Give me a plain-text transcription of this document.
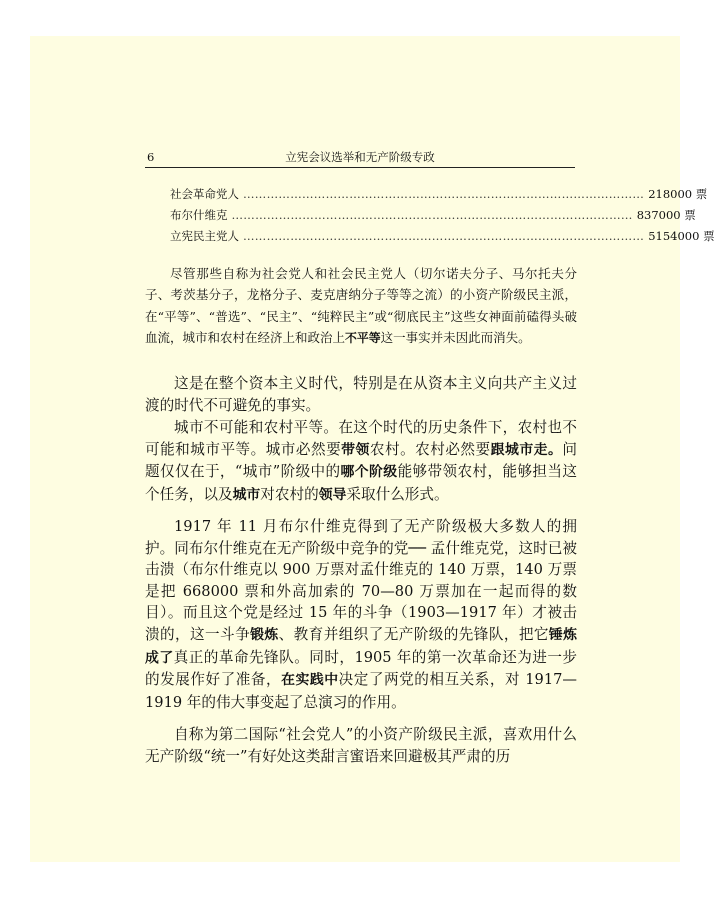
6	立宪会议选举和无产阶级专政
社会革命党人 ………………………………………………………………………………………… 218000 票
布尔什维克 ………………………………………………………………………………………… 837000 票
立宪民主党人 ………………………………………………………………………………………… 5154000 票

尽管那些自称为社会党人和社会民主党人（切尔诺夫分子、马尔托夫分子、考茨基分子，龙格分子、麦克唐纳分子等等之流）的小资产阶级民主派，在“平等”、“普选”、“民主”、“纯粹民主”或“彻底民主”这些女神面前磕得头破血流，城市和农村在经济上和政治上不平等这一事实并未因此而消失。

这是在整个资本主义时代，特别是在从资本主义向共产主义过渡的时代不可避免的事实。

城市不可能和农村平等。在这个时代的历史条件下，农村也不可能和城市平等。城市必然要带领农村。农村必然要跟城市走。问题仅仅在于，“城市”阶级中的哪个阶级能够带领农村，能够担当这个任务，以及城市对农村的领导采取什么形式。

1917 年 11 月布尔什维克得到了无产阶级极大多数人的拥护。同布尔什维克在无产阶级中竞争的党── 孟什维克党，这时已被击溃（布尔什维克以 900 万票对孟什维克的 140 万票，140 万票是把 668000 票和外高加索的 70—80 万票加在一起而得的数目）。而且这个党是经过 15 年的斗争（1903—1917 年）才被击溃的，这一斗争锻炼、教育并组织了无产阶级的先锋队，把它锤炼成了真正的革命先锋队。同时，1905 年的第一次革命还为进一步的发展作好了准备，在实践中决定了两党的相互关系，对 1917—1919 年的伟大事变起了总演习的作用。

自称为第二国际“社会党人”的小资产阶级民主派，喜欢用什么无产阶级“统一”有好处这类甜言蜜语来回避极其严肃的历
